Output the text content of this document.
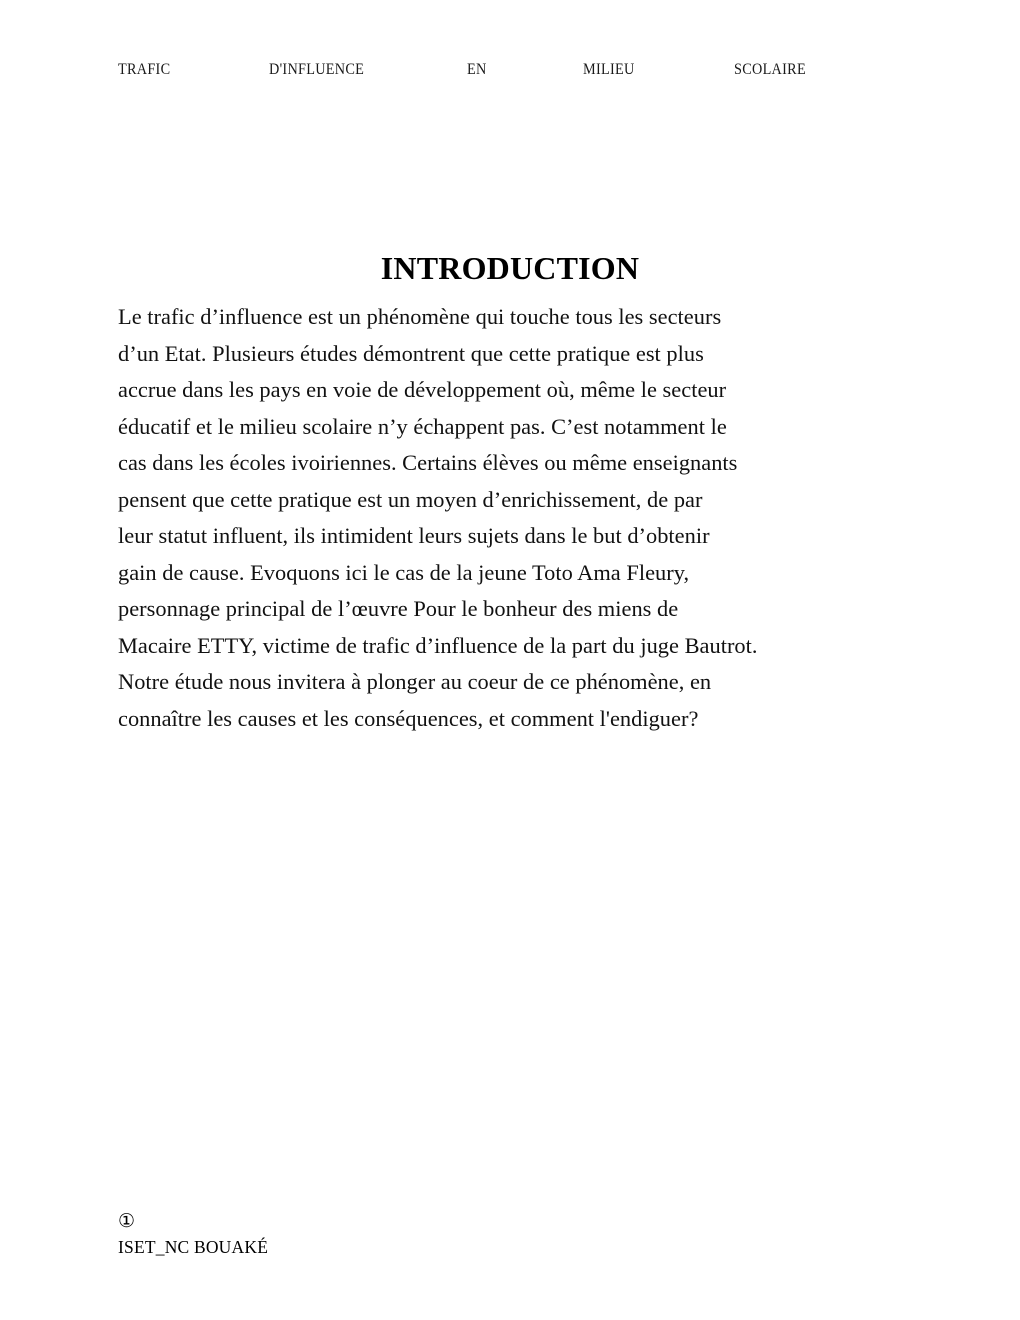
TRAFIC	D'INFLUENCE	EN	MILIEU	SCOLAIRE
INTRODUCTION
Le trafic d’influence est un phénomène qui touche tous les secteurs
d’un Etat. Plusieurs études démontrent que cette pratique est plus
accrue dans les pays en voie de développement où, même le secteur
éducatif et le milieu scolaire n’y échappent pas. C’est notamment le
cas dans les écoles ivoiriennes. Certains élèves ou même enseignants
pensent que cette pratique est un moyen d’enrichissement, de par
leur statut influent, ils intimident leurs sujets dans le but d’obtenir
gain de cause. Evoquons ici le cas de la jeune Toto Ama Fleury,
personnage principal de l’œuvre Pour le bonheur des miens de
Macaire ETTY, victime de trafic d’influence de la part du juge Bautrot.
Notre étude nous invitera à plonger au coeur de ce phénomène, en
connaître les causes et les conséquences, et comment l'endiguer?
①
ISET_NC BOUAKÉ
